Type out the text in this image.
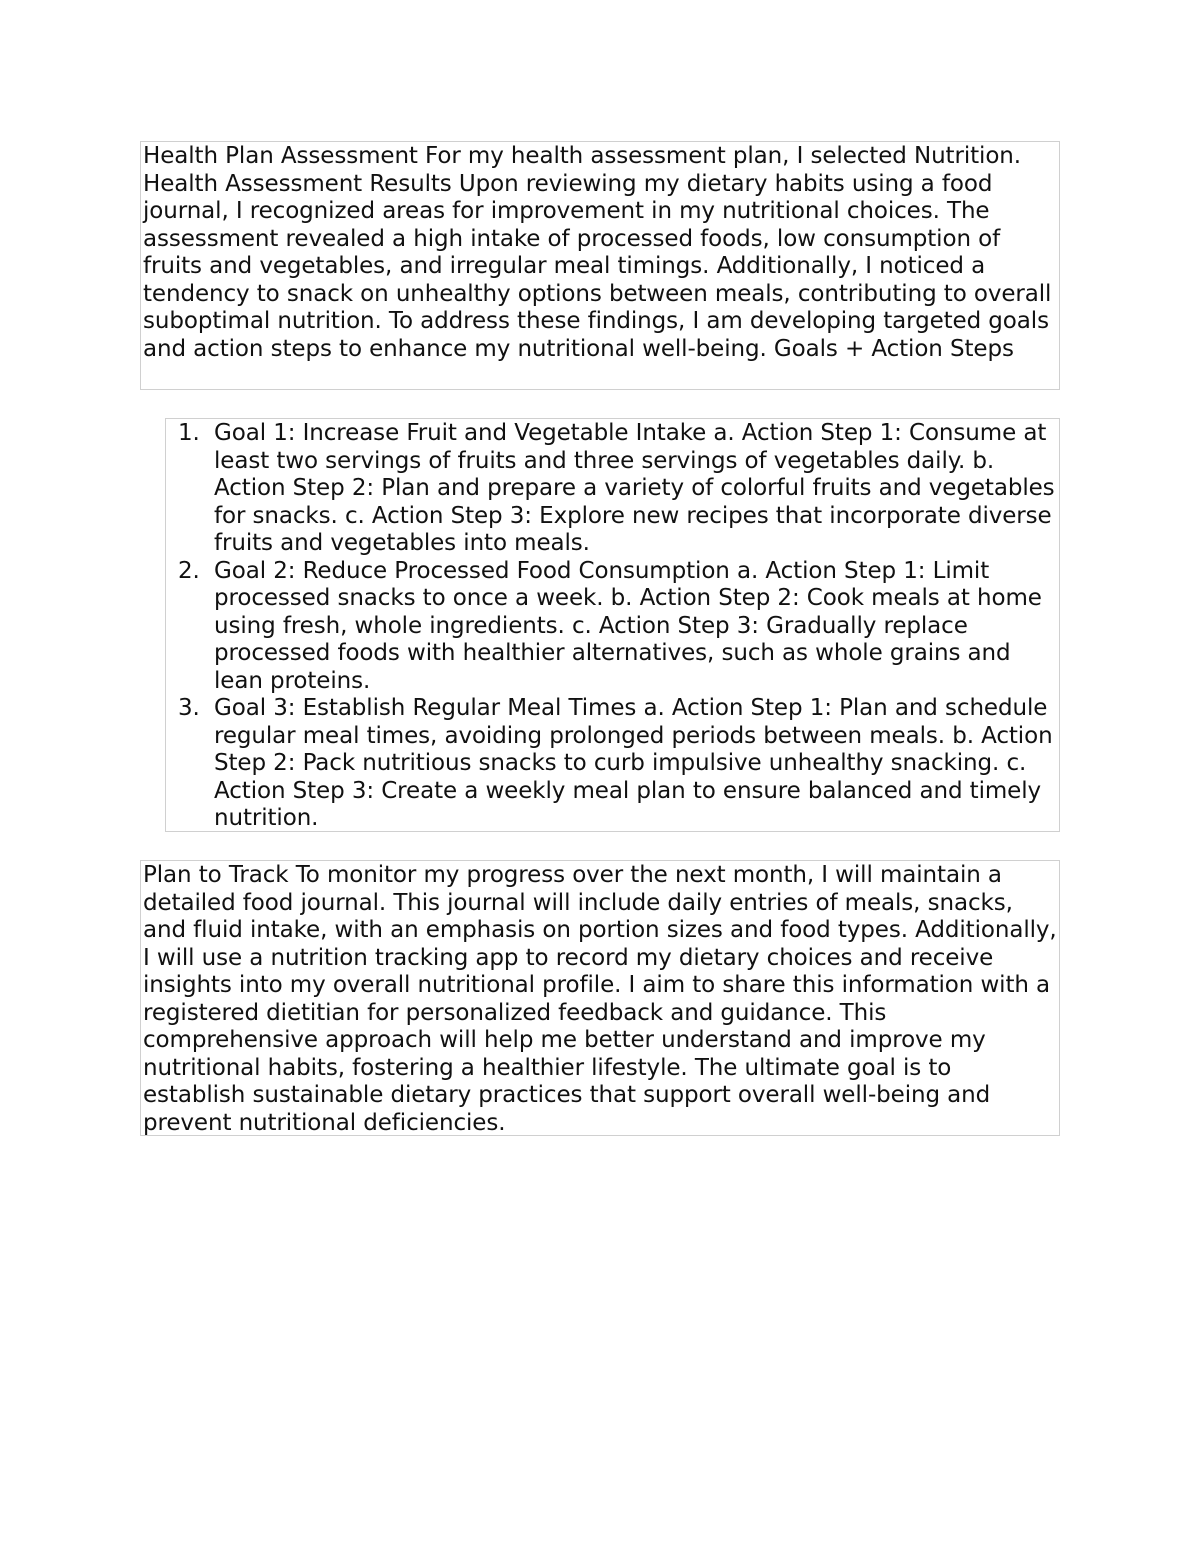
Health Plan Assessment For my health assessment plan, I selected Nutrition. Health Assessment Results Upon reviewing my dietary habits using a food journal, I recognized areas for improvement in my nutritional choices. The assessment revealed a high intake of processed foods, low consumption of fruits and vegetables, and irregular meal timings. Additionally, I noticed a tendency to snack on unhealthy options between meals, contributing to overall suboptimal nutrition. To address these findings, I am developing targeted goals and action steps to enhance my nutritional well-being. Goals + Action Steps
1. Goal 1: Increase Fruit and Vegetable Intake a. Action Step 1: Consume at least two servings of fruits and three servings of vegetables daily. b. Action Step 2: Plan and prepare a variety of colorful fruits and vegetables for snacks. c. Action Step 3: Explore new recipes that incorporate diverse fruits and vegetables into meals.
2. Goal 2: Reduce Processed Food Consumption a. Action Step 1: Limit processed snacks to once a week. b. Action Step 2: Cook meals at home using fresh, whole ingredients. c. Action Step 3: Gradually replace processed foods with healthier alternatives, such as whole grains and lean proteins.
3. Goal 3: Establish Regular Meal Times a. Action Step 1: Plan and schedule regular meal times, avoiding prolonged periods between meals. b. Action Step 2: Pack nutritious snacks to curb impulsive unhealthy snacking. c. Action Step 3: Create a weekly meal plan to ensure balanced and timely nutrition.
Plan to Track To monitor my progress over the next month, I will maintain a detailed food journal. This journal will include daily entries of meals, snacks, and fluid intake, with an emphasis on portion sizes and food types. Additionally, I will use a nutrition tracking app to record my dietary choices and receive insights into my overall nutritional profile. I aim to share this information with a registered dietitian for personalized feedback and guidance. This comprehensive approach will help me better understand and improve my nutritional habits, fostering a healthier lifestyle. The ultimate goal is to establish sustainable dietary practices that support overall well-being and prevent nutritional deficiencies.
